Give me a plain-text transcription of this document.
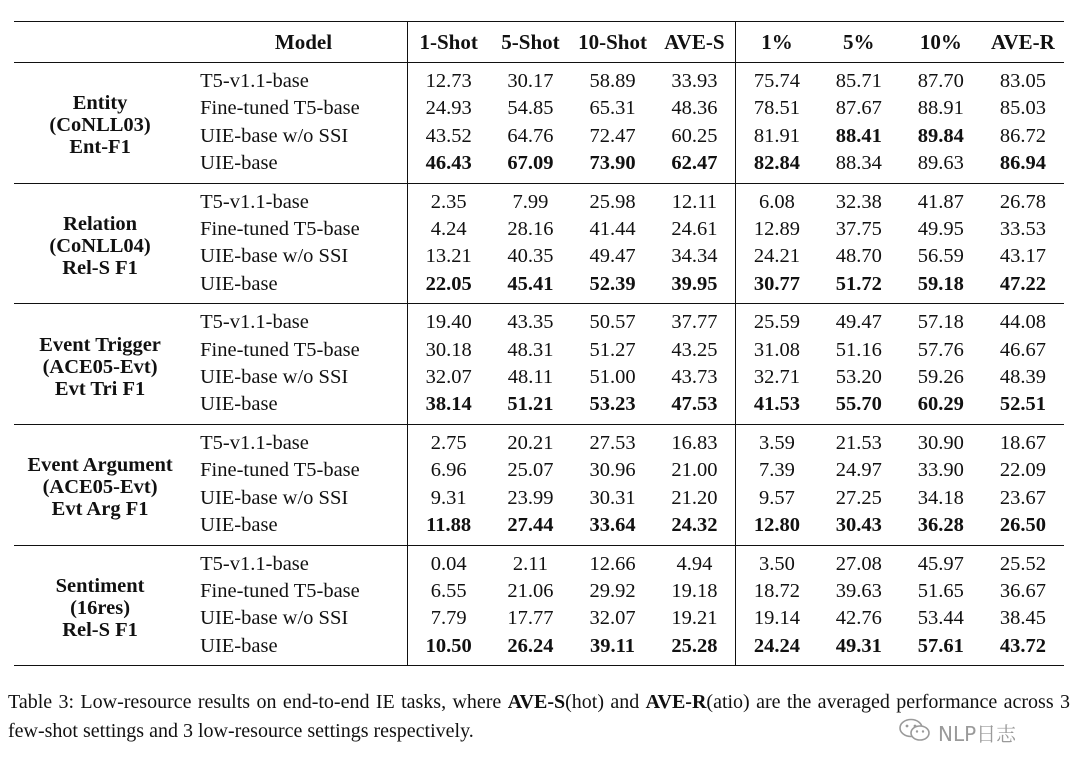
	Model	1-Shot	5-Shot	10-Shot	AVE-S	1%	5%	10%	AVE-R

Entity
(CoNLL03)
Ent-F1	T5-v1.1-base	12.73	30.17	58.89	33.93	75.74	85.71	87.70	83.05
	Fine-tuned T5-base	24.93	54.85	65.31	48.36	78.51	87.67	88.91	85.03
	UIE-base w/o SSI	43.52	64.76	72.47	60.25	81.91	88.41	89.84	86.72
	UIE-base	46.43	67.09	73.90	62.47	82.84	88.34	89.63	86.94

Relation
(CoNLL04)
Rel-S F1	T5-v1.1-base	2.35	7.99	25.98	12.11	6.08	32.38	41.87	26.78
	Fine-tuned T5-base	4.24	28.16	41.44	24.61	12.89	37.75	49.95	33.53
	UIE-base w/o SSI	13.21	40.35	49.47	34.34	24.21	48.70	56.59	43.17
	UIE-base	22.05	45.41	52.39	39.95	30.77	51.72	59.18	47.22

Event Trigger
(ACE05-Evt)
Evt Tri F1	T5-v1.1-base	19.40	43.35	50.57	37.77	25.59	49.47	57.18	44.08
	Fine-tuned T5-base	30.18	48.31	51.27	43.25	31.08	51.16	57.76	46.67
	UIE-base w/o SSI	32.07	48.11	51.00	43.73	32.71	53.20	59.26	48.39
	UIE-base	38.14	51.21	53.23	47.53	41.53	55.70	60.29	52.51

Event Argument
(ACE05-Evt)
Evt Arg F1	T5-v1.1-base	2.75	20.21	27.53	16.83	3.59	21.53	30.90	18.67
	Fine-tuned T5-base	6.96	25.07	30.96	21.00	7.39	24.97	33.90	22.09
	UIE-base w/o SSI	9.31	23.99	30.31	21.20	9.57	27.25	34.18	23.67
	UIE-base	11.88	27.44	33.64	24.32	12.80	30.43	36.28	26.50

Sentiment
(16res)
Rel-S F1	T5-v1.1-base	0.04	2.11	12.66	4.94	3.50	27.08	45.97	25.52
	Fine-tuned T5-base	6.55	21.06	29.92	19.18	18.72	39.63	51.65	36.67
	UIE-base w/o SSI	7.79	17.77	32.07	19.21	19.14	42.76	53.44	38.45
	UIE-base	10.50	26.24	39.11	25.28	24.24	49.31	57.61	43.72
Table 3: Low-resource results on end-to-end IE tasks, where AVE-S(hot) and AVE-R(atio) are the averaged performance across 3 few-shot settings and 3 low-resource settings respectively.	NLP日志
